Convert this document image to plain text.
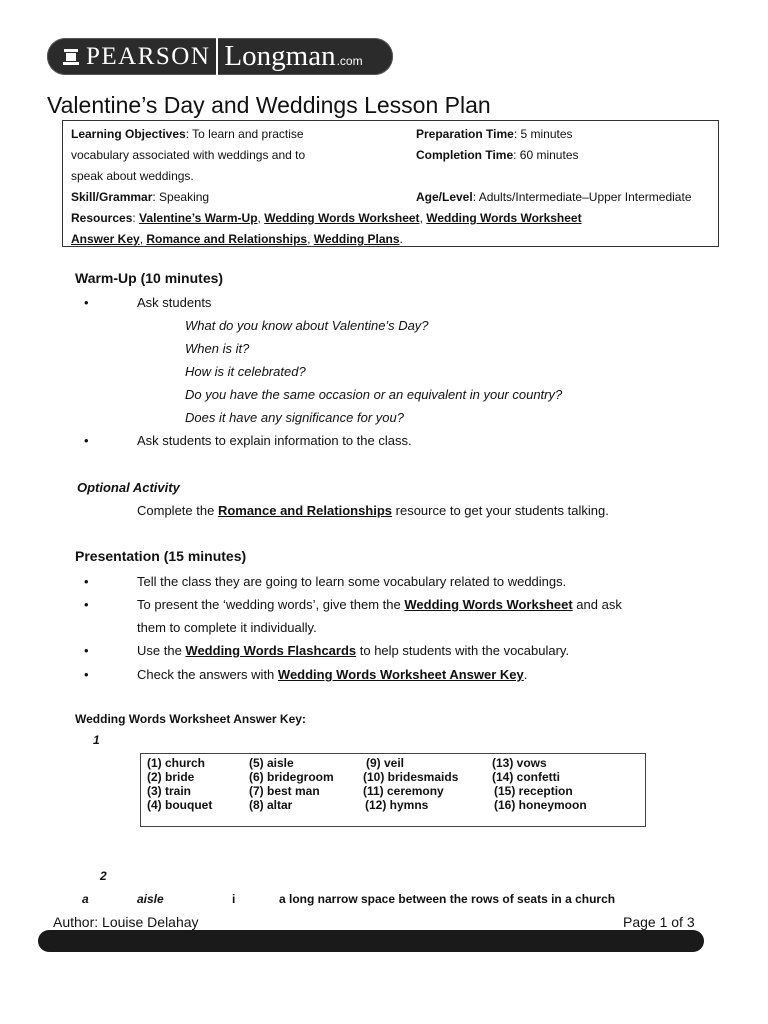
PEARSON Longman .com
Valentine’s Day and Weddings Lesson Plan
Learning Objectives: To learn and practise
vocabulary associated with weddings and to
speak about weddings.
Preparation Time: 5 minutes
Completion Time: 60 minutes
Skill/Grammar: Speaking	Age/Level: Adults/Intermediate–Upper Intermediate
Resources: Valentine’s Warm-Up, Wedding Words Worksheet, Wedding Words Worksheet
Answer Key, Romance and Relationships, Wedding Plans.
Warm-Up (10 minutes)
•	Ask students
What do you know about Valentine’s Day?
When is it?
How is it celebrated?
Do you have the same occasion or an equivalent in your country?
Does it have any significance for you?
•	Ask students to explain information to the class.
Optional Activity
Complete the Romance and Relationships resource to get your students talking.
Presentation (15 minutes)
•	Tell the class they are going to learn some vocabulary related to weddings.
•	To present the ‘wedding words’, give them the Wedding Words Worksheet and ask
them to complete it individually.
•	Use the Wedding Words Flashcards to help students with the vocabulary.
•	Check the answers with Wedding Words Worksheet Answer Key.
Wedding Words Worksheet Answer Key:
1
(1) church	(5) aisle	(9) veil	(13) vows
(2) bride	(6) bridegroom (10) bridesmaids	(14) confetti
(3) train	(7) best man	(11) ceremony	(15) reception
(4) bouquet	(8) altar	(12) hymns	(16) honeymoon
2
a	aisle	i	a long narrow space between the rows of seats in a church
Author: Louise Delahay	Page 1 of 3
